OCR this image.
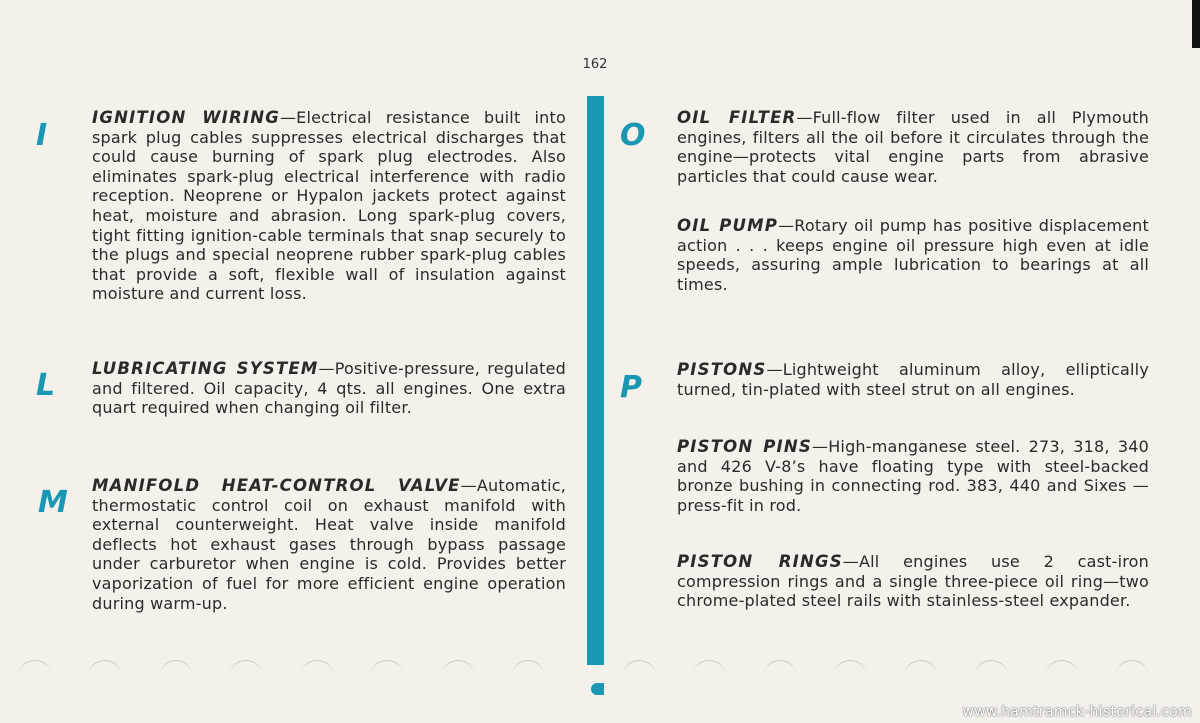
162
I

IGNITION WIRING—Electrical resistance built into spark plug cables suppresses electrical discharges that could cause burning of spark plug electrodes. Also eliminates spark-plug electrical interference with radio reception. Neoprene or Hypalon jackets protect against heat, moisture and abrasion. Long spark-plug covers, tight fitting ignition-cable terminals that snap securely to the plugs and special neoprene rubber spark-plug cables that provide a soft, flexible wall of insulation against moisture and current loss.

L LUBRICATING SYSTEM—Positive-pressure, regulated and filtered. Oil capacity, 4 qts. all engines. One extra quart required when changing oil filter.

M MANIFOLD HEAT-CONTROL VALVE—Automatic, thermostatic control coil on exhaust manifold with external counterweight. Heat valve inside manifold deflects hot exhaust gases through bypass passage under carburetor when engine is cold. Provides better vaporization of fuel for more efficient engine operation during warm-up.

O

OIL FILTER—Full-flow filter used in all Plymouth engines, filters all the oil before it circulates through the engine—protects vital engine parts from abrasive particles that could cause wear.

OIL PUMP—Rotary oil pump has positive displacement action . . . keeps engine oil pressure high even at idle speeds, assuring ample lubrication to bearings at all times.

P

PISTONS—Lightweight aluminum alloy, elliptically turned, tin-plated with steel strut on all engines.

PISTON PINS—High-manganese steel. 273, 318, 340 and 426 V-8’s have floating type with steel-backed bronze bushing in connecting rod. 383, 440 and Sixes —press-fit in rod.

PISTON RINGS—All engines use 2 cast-iron compression rings and a single three-piece oil ring—two chrome-plated steel rails with stainless-steel expander.

www.hamtramck-historical.com
